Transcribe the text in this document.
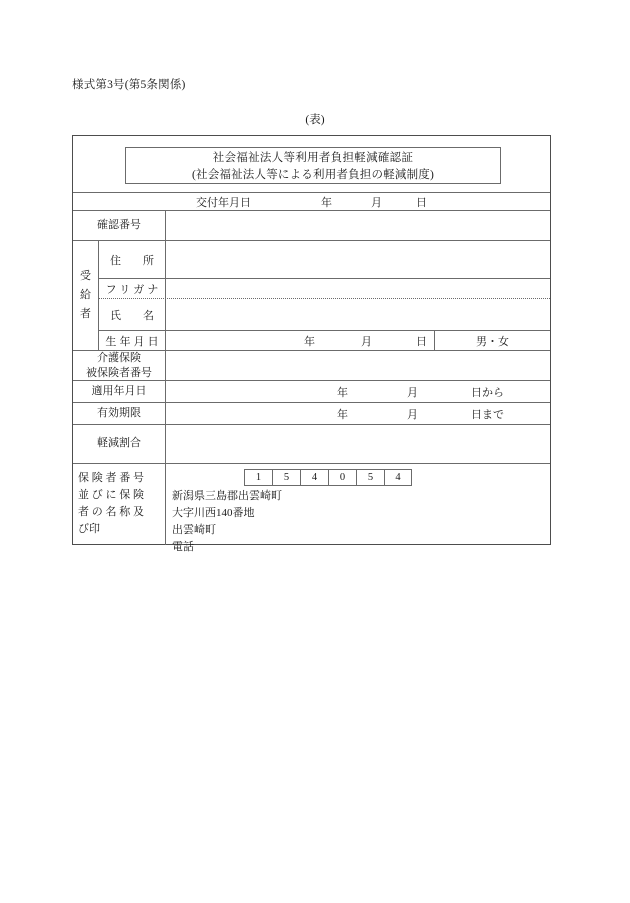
様式第3号(第5条関係)
(表)
社会福祉法人等利用者負担軽減確認証
(社会福祉法人等による利用者負担の軽減制度)
交付年月日	年	月	日
確認番号
受
給
者
住　　所
フリガナ
氏　　名
生年月日	年	月	日	男・女
介護保険
被保険者番号
適用年月日	年	月	日から
有効期限	年	月	日まで
軽減割合
保 険 者 番 号
並 び に 保 険
者 の 名 称 及
び印
1	5	4	0	5	4
新潟県三島郡出雲崎町
大字川西140番地
出雲崎町
電話
